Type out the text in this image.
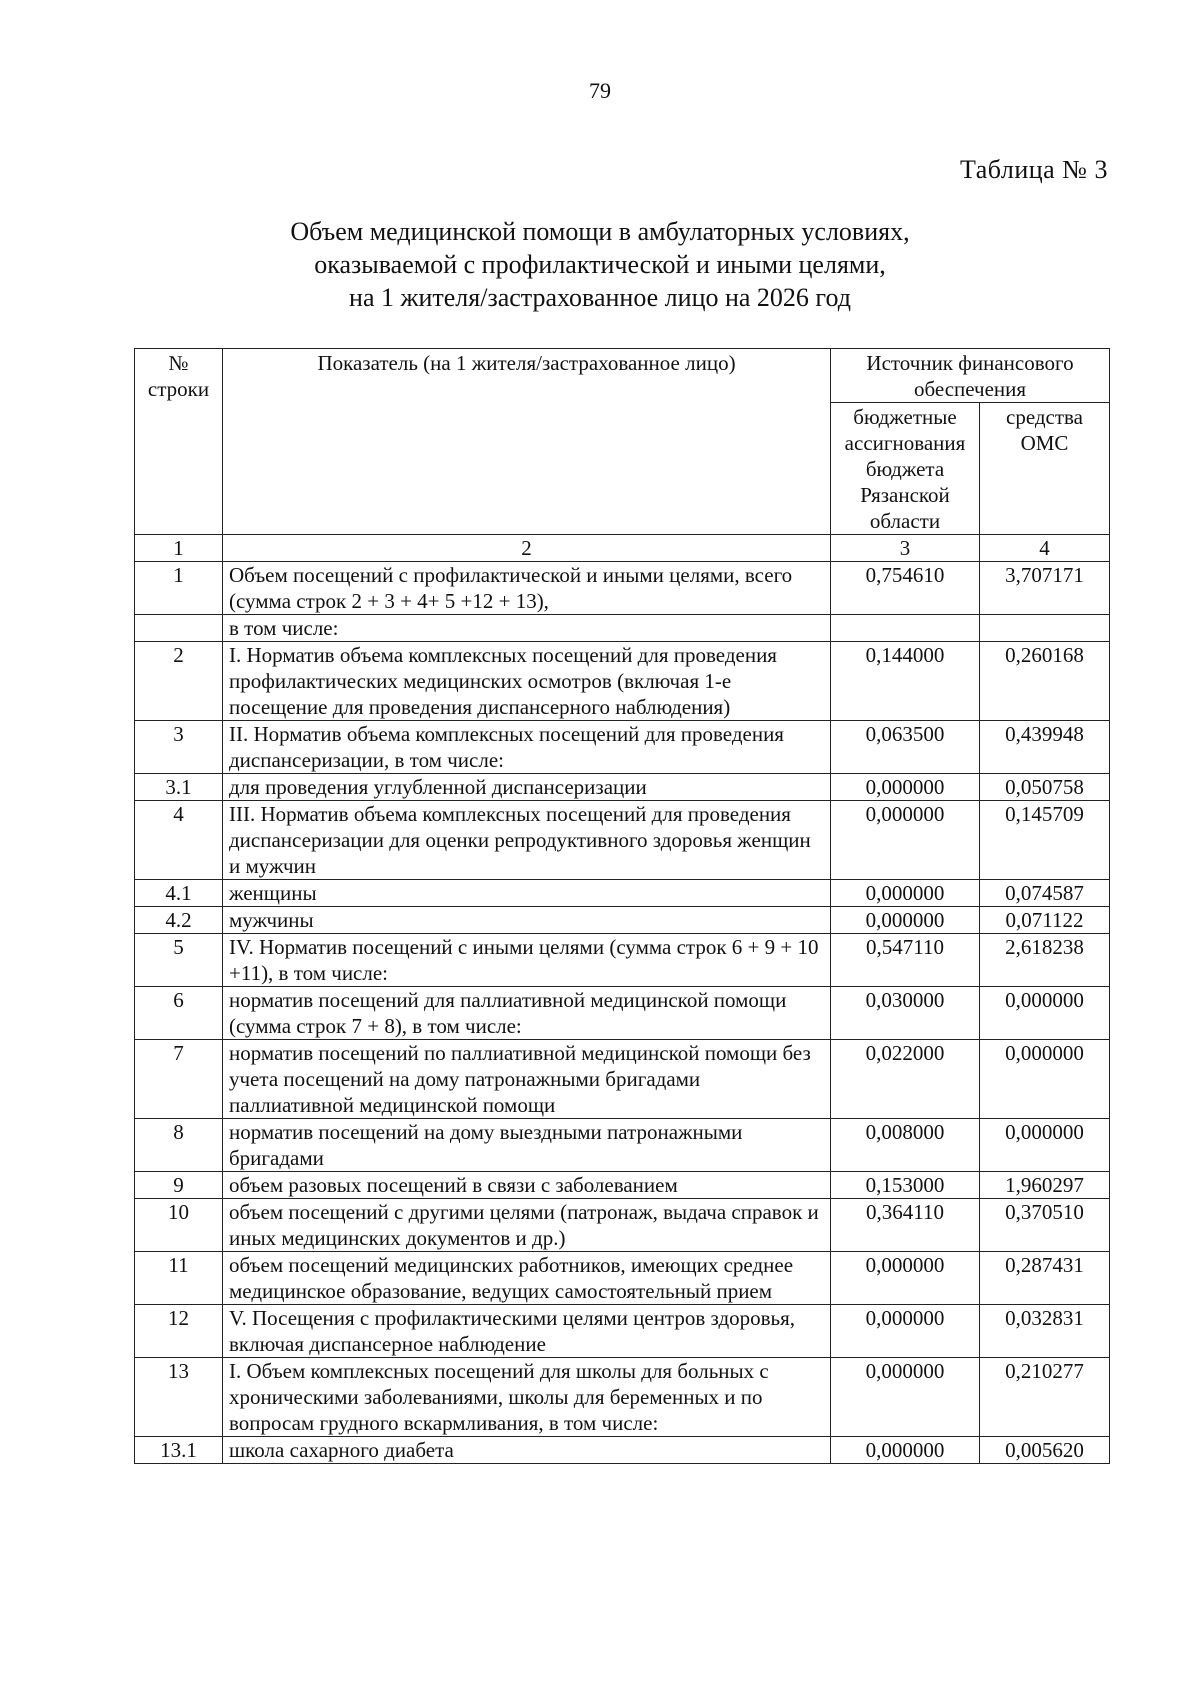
79
Таблица № 3
Объем медицинской помощи в амбулаторных условиях,
оказываемой с профилактической и иными целями,
на 1 жителя/застрахованное лицо на 2026 год
№ строки	Показатель (на 1 жителя/застрахованное лицо)	Источник финансового обеспечения	
		бюджетные ассигнования бюджета Рязанской области	средства ОМС
1	2	3	4
1	Объем посещений с профилактической и иными целями, всего (сумма строк 2 + 3 + 4+ 5 +12 + 13),	0,754610	3,707171
	в том числе:		
2	I. Норматив объема комплексных посещений для проведения профилактических медицинских осмотров (включая 1-е посещение для проведения диспансерного наблюдения)	0,144000	0,260168
3	II. Норматив объема комплексных посещений для проведения диспансеризации, в том числе:	0,063500	0,439948
3.1	для проведения углубленной диспансеризации	0,000000	0,050758
4	III. Норматив объема комплексных посещений для проведения диспансеризации для оценки репродуктивного здоровья женщин и мужчин	0,000000	0,145709
4.1	женщины	0,000000	0,074587
4.2	мужчины	0,000000	0,071122
5	IV. Норматив посещений с иными целями (сумма строк 6 + 9 + 10 +11), в том числе:	0,547110	2,618238
6	норматив посещений для паллиативной медицинской помощи (сумма строк 7 + 8), в том числе:	0,030000	0,000000
7	норматив посещений по паллиативной медицинской помощи без учета посещений на дому патронажными бригадами паллиативной медицинской помощи	0,022000	0,000000
8	норматив посещений на дому выездными патронажными бригадами	0,008000	0,000000
9	объем разовых посещений в связи с заболеванием	0,153000	1,960297
10	объем посещений с другими целями (патронаж, выдача справок и иных медицинских документов и др.)	0,364110	0,370510
11	объем посещений медицинских работников, имеющих среднее медицинское образование, ведущих самостоятельный прием	0,000000	0,287431
12	V. Посещения с профилактическими целями центров здоровья, включая диспансерное наблюдение	0,000000	0,032831
13	I. Объем комплексных посещений для школы для больных с хроническими заболеваниями, школы для беременных и по вопросам грудного вскармливания, в том числе:	0,000000	0,210277
13.1	школа сахарного диабета	0,000000	0,005620
